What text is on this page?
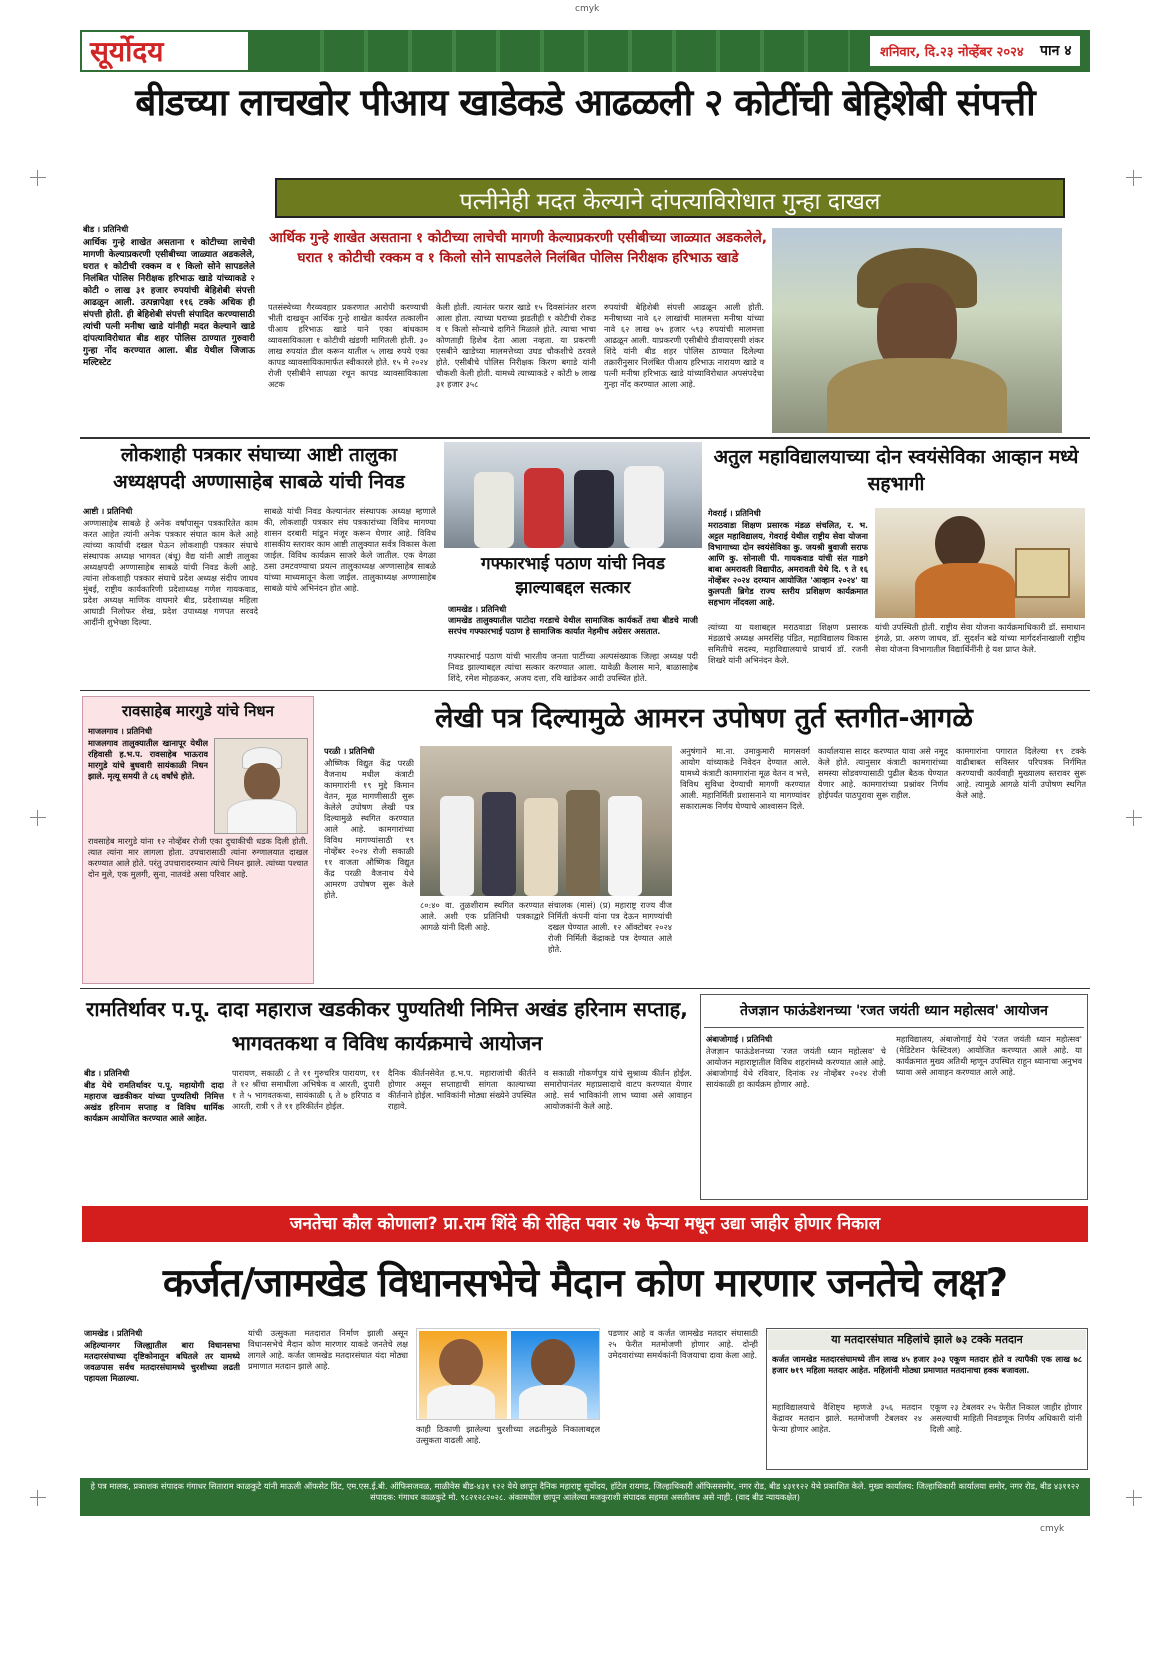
cmyk
सूर्योदय	शनिवार, दि.२३ नोव्हेंबर २०२४ पान ४
बीडच्या लाचखोर पीआय खाडेकडे आढळली २ कोटींची बेहिशेबी संपत्ती
पत्नीनेही मदत केल्याने दांपत्याविरोधात गुन्हा दाखल
बीड । प्रतिनिधी
आर्थिक गुन्हे शाखेत असताना १ कोटीच्या लाचेची मागणी केल्याप्रकरणी एसीबीच्या जाळ्यात अडकलेले, घरात १ कोटीची रक्कम व १ किलो सोने सापडलेले निलंबित पोलिस निरीक्षक हरिभाऊ खाडे यांच्याकडे २ कोटी ० लाख ३१ हजार रुपयांची बेहिशेबी संपत्ती आढळून आली. उत्पन्नापेक्षा ११६ टक्के अधिक ही संपत्ती होती. ही बेहिशेबी संपत्ती संपादित करण्यासाठी त्यांची पत्नी मनीषा खाडे यांनीही मदत केल्याने खाडे दांपत्याविरोधात बीड शहर पोलिस ठाण्यात गुरुवारी गुन्हा नोंद करण्यात आला. बीड येथील जिजाऊ मल्टिस्टेट
आर्थिक गुन्हे शाखेत असताना १ कोटीच्या लाचेची मागणी केल्याप्रकरणी एसीबीच्या जाळ्यात अडकलेले, घरात १ कोटीची रक्कम व १ किलो सोने सापडलेले निलंबित पोलिस निरीक्षक हरिभाऊ खाडे
पतसंस्थेच्या गैरव्यवहार प्रकरणात आरोपी करण्याची भीती दाखवून आर्थिक गुन्हे शाखेत कार्यरत तत्कालीन पीआय हरिभाऊ खाडे याने एका बांधकाम व्यावसायिकाला १ कोटीची खंडणी मागितली होती. ३० लाख रुपयांत डील करून यातील ५ लाख रुपये एका कापड व्यावसायिकामार्फत स्वीकारले होते. १५ मे २०२४ रोजी एसीबीने सापळा रचून कापड व्यावसायिकाला अटक
केली होती. त्यानंतर फरार खाडे १५ दिवसांनंतर शरण आला होता. त्याच्या घराच्या झडतीही १ कोटीची रोकड व १ किलो सोन्याचे दागिने मिळाले होते. त्याचा भाचा कोणताही हिशेब देता आला नव्हता. या प्रकरणी एसबीने खाडेच्या मालमत्तेच्या उघड चौकशीचे ठरवले होते. एसीबीचे पोलिस निरीक्षक किरण बगाडे यांनी चौकशी केली होती. यामध्ये त्याच्याकडे २ कोटी ७ लाख ३१ हजार ३५८
रुपयांची बेहिशेबी संपत्ती आढळून आली होती. मनीषाच्या नावे ६२ लाखांची मालमत्ता मनीषा यांच्या नावे ६२ लाख ७५ हजार ५९३ रुपयांची मालमत्ता आढळून आली. याप्रकरणी एसीबीचे डीवायएसपी शंकर शिंदे यांनी बीड शहर पोलिस ठाण्यात दिलेल्या तक्रारीनुसार निलंबित पीआय हरिभाऊ नारायण खाडे व पत्नी मनीषा हरिभाऊ खाडे यांच्याविरोधात अपसंपदेचा गुन्हा नोंद करण्यात आला आहे.
लोकशाही पत्रकार संघाच्या आष्टी तालुका अध्यक्षपदी अण्णासाहेब साबळे यांची निवड
आष्टी । प्रतिनिधी
अण्णासाहेब साबळे हे अनेक वर्षांपासून पत्रकारितेत काम करत आहेत त्यांनी अनेक पत्रकार संघात काम केले आहे त्यांच्या कार्याची दखल घेऊन लोकशाही पत्रकार संघाचे संस्थापक अध्यक्ष भागवत (बंधू) वैद्य यांनी आष्टी तालुका अध्यक्षपदी अण्णासाहेब साबळे यांची निवड केली आहे. त्यांना लोकशाही पत्रकार संघाचे प्रदेश अध्यक्ष संदीप जाधव मुंबई, राष्ट्रीय कार्यकारिणी प्रदेशाध्यक्ष गणेश गायकवाड, प्रदेश अध्यक्ष माणिक वाघमारे बीड, प्रदेशाध्यक्ष महिला आघाडी निलोफर शेख, प्रदेश उपाध्यक्ष गणपत सरवदे आदींनी शुभेच्छा दिल्या.
साबळे यांची निवड केल्यानंतर संस्थापक अध्यक्ष म्हणाले की, लोकशाही पत्रकार संघ पत्रकारांच्या विविध मागण्या शासन दरबारी मांडून मंजूर करून घेणार आहे. विविध शासकीय स्तरावर काम आष्टी तालुक्यात सर्वत्र विकास केला जाईल. विविध कार्यक्रम साजरे केले जातील. एक वेगळा ठसा उमटवण्याचा प्रयत्न तालुकाध्यक्ष अण्णासाहेब साबळे यांच्या माध्यमातून केला जाईल. तालुकाध्यक्ष अण्णासाहेब साबळे यांचे अभिनंदन होत आहे.
गफ्फारभाई पठाण यांची निवड झाल्याबद्दल सत्कार
जामखेड । प्रतिनिधी
जामखेड तालुक्यातील पाटोदा गरडाचे येथील सामाजिक कार्यकर्ते तथा बीडचे माजी सरपंच गफ्फारभाई पठाण हे सामाजिक कार्यात नेहमीच अग्रेसर असतात.
गफ्फारभाई पठाण यांची भारतीय जनता पार्टीच्या अल्पसंख्याक जिल्हा अध्यक्ष पदी निवड झाल्याबद्दल त्यांचा सत्कार करण्यात आला. यावेळी कैलास माने, बाळासाहेब शिंदे, रमेश मोहळकर, अजय दत्ता, रवि खांडेकर आदी उपस्थित होते.
अतुल महाविद्यालयाच्या दोन स्वयंसेविका आव्हान मध्ये सहभागी
गेवराई । प्रतिनिधी
मराठवाडा शिक्षण प्रसारक मंडळ संचलित, र. भ. अट्टल महाविद्यालय, गेवराई येथील राष्ट्रीय सेवा योजना विभागाच्या दोन स्वयंसेविका कु. जयश्री बुवाजी सराफ आणि कु. सोनाली पी. गायकवाड यांची संत गाडगे बाबा अमरावती विद्यापीठ, अमरावती येथे दि. ९ ते १६ नोव्हेंबर २०२४ दरम्यान आयोजित 'आव्हान २०२४' या कुलपती ब्रिगेड राज्य स्तरीय प्रशिक्षण कार्यक्रमात सहभाग नोंदवला आहे.
त्यांच्या या यशाबद्दल मराठवाडा शिक्षण प्रसारक मंडळाचे अध्यक्ष अमरसिंह पंडित, महाविद्यालय विकास समितीचे सदस्य, महाविद्यालयाचे प्राचार्य डॉ. रजनी शिखरे यांनी अभिनंदन केले.
यांची उपस्थिती होती. राष्ट्रीय सेवा योजना कार्यक्रमाधिकारी डॉ. समाधान इंगळे, प्रा. अरुण जाधव, डॉ. सुदर्शन बढे यांच्या मार्गदर्शनाखाली राष्ट्रीय सेवा योजना विभागातील विद्यार्थिनींनी हे यश प्राप्त केले.
रावसाहेब मारगुडे यांचे निधन
माजलगाव । प्रतिनिधी
माजलगाव तालुक्यातील खानापूर येथील रहिवासी ह.भ.प. रावसाहेब भाऊराव मारगुडे यांचे बुधवारी सायंकाळी निधन झाले. मृत्यू समयी ते ८६ वर्षांचे होते.
रावसाहेब मारगुडे यांना १२ नोव्हेंबर रोजी एका दुचाकीची धडक दिली होती. त्यात त्यांना मार लागला होता. उपचारासाठी त्यांना रुग्णालयात दाखल करण्यात आले होते. परंतु उपचारादरम्यान त्यांचे निधन झाले. त्यांच्या पश्चात दोन मुले, एक मुलगी, सुना, नातवंडे असा परिवार आहे.
लेखी पत्र दिल्यामुळे आमरन उपोषण तुर्त स्तगीत-आगळे
परळी । प्रतिनिधी
औष्णिक विद्युत केंद्र परळी वैजनाथ मधील कंत्राटी कामगारांनी १९ मुद्दे किमान वेतन, मूळ मागणीसाठी सुरू केलेले उपोषण लेखी पत्र दिल्यामुळे स्थगित करण्यात आले आहे. कामगारांच्या विविध मागण्यांसाठी १९ नोव्हेंबर २०२४ रोजी सकाळी ११ वाजता औष्णिक विद्युत केंद्र परळी वैजनाथ येथे आमरण उपोषण सुरू केले होते.
८०:४० वा. तुळशीराम स्थगित करण्यात आले. अशी एक प्रतिनिधी पत्रकाद्वारे आगळे यांनी दिली आहे.
संचालक (मासं) (प्र) महाराष्ट्र राज्य वीज निर्मिती कंपनी यांना पत्र देऊन मागण्यांची दखल घेण्यात आली. १२ ऑक्टोबर २०२४ रोजी निर्मिती केंद्राकडे पत्र देण्यात आले होते.
अनुषंगाने मा.ना. उमाकुमारी मागसवर्ग आयोग यांच्याकडे निवेदन देण्यात आले. यामध्ये कंत्राटी कामगारांना मूळ वेतन व भत्ते, विविध सुविधा देण्याची मागणी करण्यात आली. महानिर्मिती प्रशासनाने या मागण्यांवर सकारात्मक निर्णय घेण्याचे आश्वासन दिले.
कार्यालयास सादर करण्यात यावा असे नमूद केले होते. त्यानुसार कंत्राटी कामगारांच्या समस्या सोडवण्यासाठी पुढील बैठक घेण्यात येणार आहे. कामगारांच्या प्रश्नांवर निर्णय होईपर्यंत पाठपुरावा सुरू राहील.
कामगारांना पगारात दिलेल्या १९ टक्के वाढीबाबत सविस्तर परिपत्रक निर्गमित करण्याची कार्यवाही मुख्यालय स्तरावर सुरू आहे. त्यामुळे आगळे यांनी उपोषण स्थगित केले आहे.
रामतिर्थावर प.पू. दादा महाराज खडकीकर पुण्यतिथी निमित्त अखंड हरिनाम सप्ताह, भागवतकथा व विविध कार्यक्रमाचे आयोजन
बीड । प्रतिनिधी
बीड येथे रामतिर्थावर प.पू. महायोगी दादा महाराज खडकीकर यांच्या पुण्यतिथी निमित्त अखंड हरिनाम सप्ताह व विविध धार्मिक कार्यक्रम आयोजित करण्यात आले आहेत.
पारायण, सकाळी ८ ते ११ गुरुचरित्र पारायण, ११ ते १२ श्रींचा समाधीला अभिषेक व आरती, दुपारी १ ते ५ भागवतकथा, सायंकाळी ६ ते ७ हरिपाठ व आरती, रात्री ९ ते ११ हरिकीर्तन होईल.
दैनिक कीर्तनसेवेत ह.भ.प. महाराजांची कीर्तने होणार असून सप्ताहाची सांगता काल्याच्या कीर्तनाने होईल. भाविकांनी मोठ्या संख्येने उपस्थित राहावे.
व सकाळी गोकर्णपुत्र यांचे सुश्राव्य कीर्तन होईल. समारोपानंतर महाप्रसादाचे वाटप करण्यात येणार आहे. सर्व भाविकांनी लाभ घ्यावा असे आवाहन आयोजकांनी केले आहे.
तेजज्ञान फाऊंडेशनच्या 'रजत जयंती ध्यान महोत्सव' आयोजन
अंबाजोगाई । प्रतिनिधी
तेजज्ञान फाऊंडेशनच्या 'रजत जयंती ध्यान महोत्सव' चे आयोजन महाराष्ट्रातील विविध शहरांमध्ये करण्यात आले आहे. अंबाजोगाई येथे रविवार, दिनांक २४ नोव्हेंबर २०२४ रोजी सायंकाळी हा कार्यक्रम होणार आहे.
महाविद्यालय, अंबाजोगाई येथे 'रजत जयंती ध्यान महोत्सव' (मेडिटेशन फेस्टिवल) आयोजित करण्यात आले आहे. या कार्यक्रमात मुख्य अतिथी म्हणून उपस्थित राहून ध्यानाचा अनुभव घ्यावा असे आवाहन करण्यात आले आहे.
जनतेचा कौल कोणाला? प्रा.राम शिंदे की रोहित पवार २७ फेऱ्या मधून उद्या जाहीर होणार निकाल
कर्जत/जामखेड विधानसभेचे मैदान कोण मारणार जनतेचे लक्ष?
जामखेड । प्रतिनिधी
अहिल्यानगर जिल्ह्यातील बारा विधानसभा मतदारसंघाच्या दृष्टिकोनातून बघितले तर यामध्ये जवळपास सर्वच मतदारसंघामध्ये चुरशीच्या लढती पहायला मिळाल्या.
यांची उत्सुकता मतदारात निर्माण झाली असून विधानसभेचे मैदान कोण मारणार याकडे जनतेचे लक्ष लागले आहे. कर्जत जामखेड मतदारसंघात यंदा मोठ्या प्रमाणात मतदान झाले आहे.
काही ठिकाणी झालेल्या चुरशीच्या लढतीमुळे निकालाबद्दल उत्सुकता वाढली आहे.
पडणार आहे व कर्जत जामखेड मतदार संघासाठी २५ फेरीत मतमोजणी होणार आहे. दोन्ही उमेदवारांच्या समर्थकांनी विजयाचा दावा केला आहे.
या मतदारसंघात महिलांचे झाले ७३ टक्के मतदान
कर्जत जामखेड मतदारसंघामध्ये तीन लाख ४५ हजार ३०३ एकूण मतदार होते व त्यापैकी एक लाख ७८ हजार ७१९ महिला मतदार आहेत. महिलांनी मोठ्या प्रमाणात मतदानाचा हक्क बजावला.
महाविद्यालयाचे वैशिष्ट्य म्हणजे ३५६ मतदान केंद्रावर मतदान झाले. मतमोजणी टेबलवर २४ फेऱ्या होणार आहेत.
एकूण २३ टेबलवर २५ फेरीत निकाल जाहीर होणार असल्याची माहिती निवडणूक निर्णय अधिकारी यांनी दिली आहे.
हे पत्र मालक, प्रकाशक संपादक गंगाधर सिताराम काळकुटे यांनी माऊली ऑफसेट प्रिंट, एम.एस.ई.बी. ऑफिसजवळ, माळीवेस बीड-४३१ १२२ येथे छापून दैनिक महाराष्ट्र सूर्योदय, हॉटेल रायगड, जिल्हाधिकारी ऑफिससमोर, नगर रोड, बीड ४३११२२ येथे प्रकाशित केले. मुख्य कार्यालय: जिल्हाधिकारी कार्यालया समोर, नगर रोड, बीड ४३११२२ संपादक: गंगाधर काळकुटे मो. ९८२१२८२०२८. अंकामधील छापून आलेल्या मजकुराशी संपादक सहमत असतीलच असे नाही. (वाद बीड न्यायकक्षेत)
cmyk
